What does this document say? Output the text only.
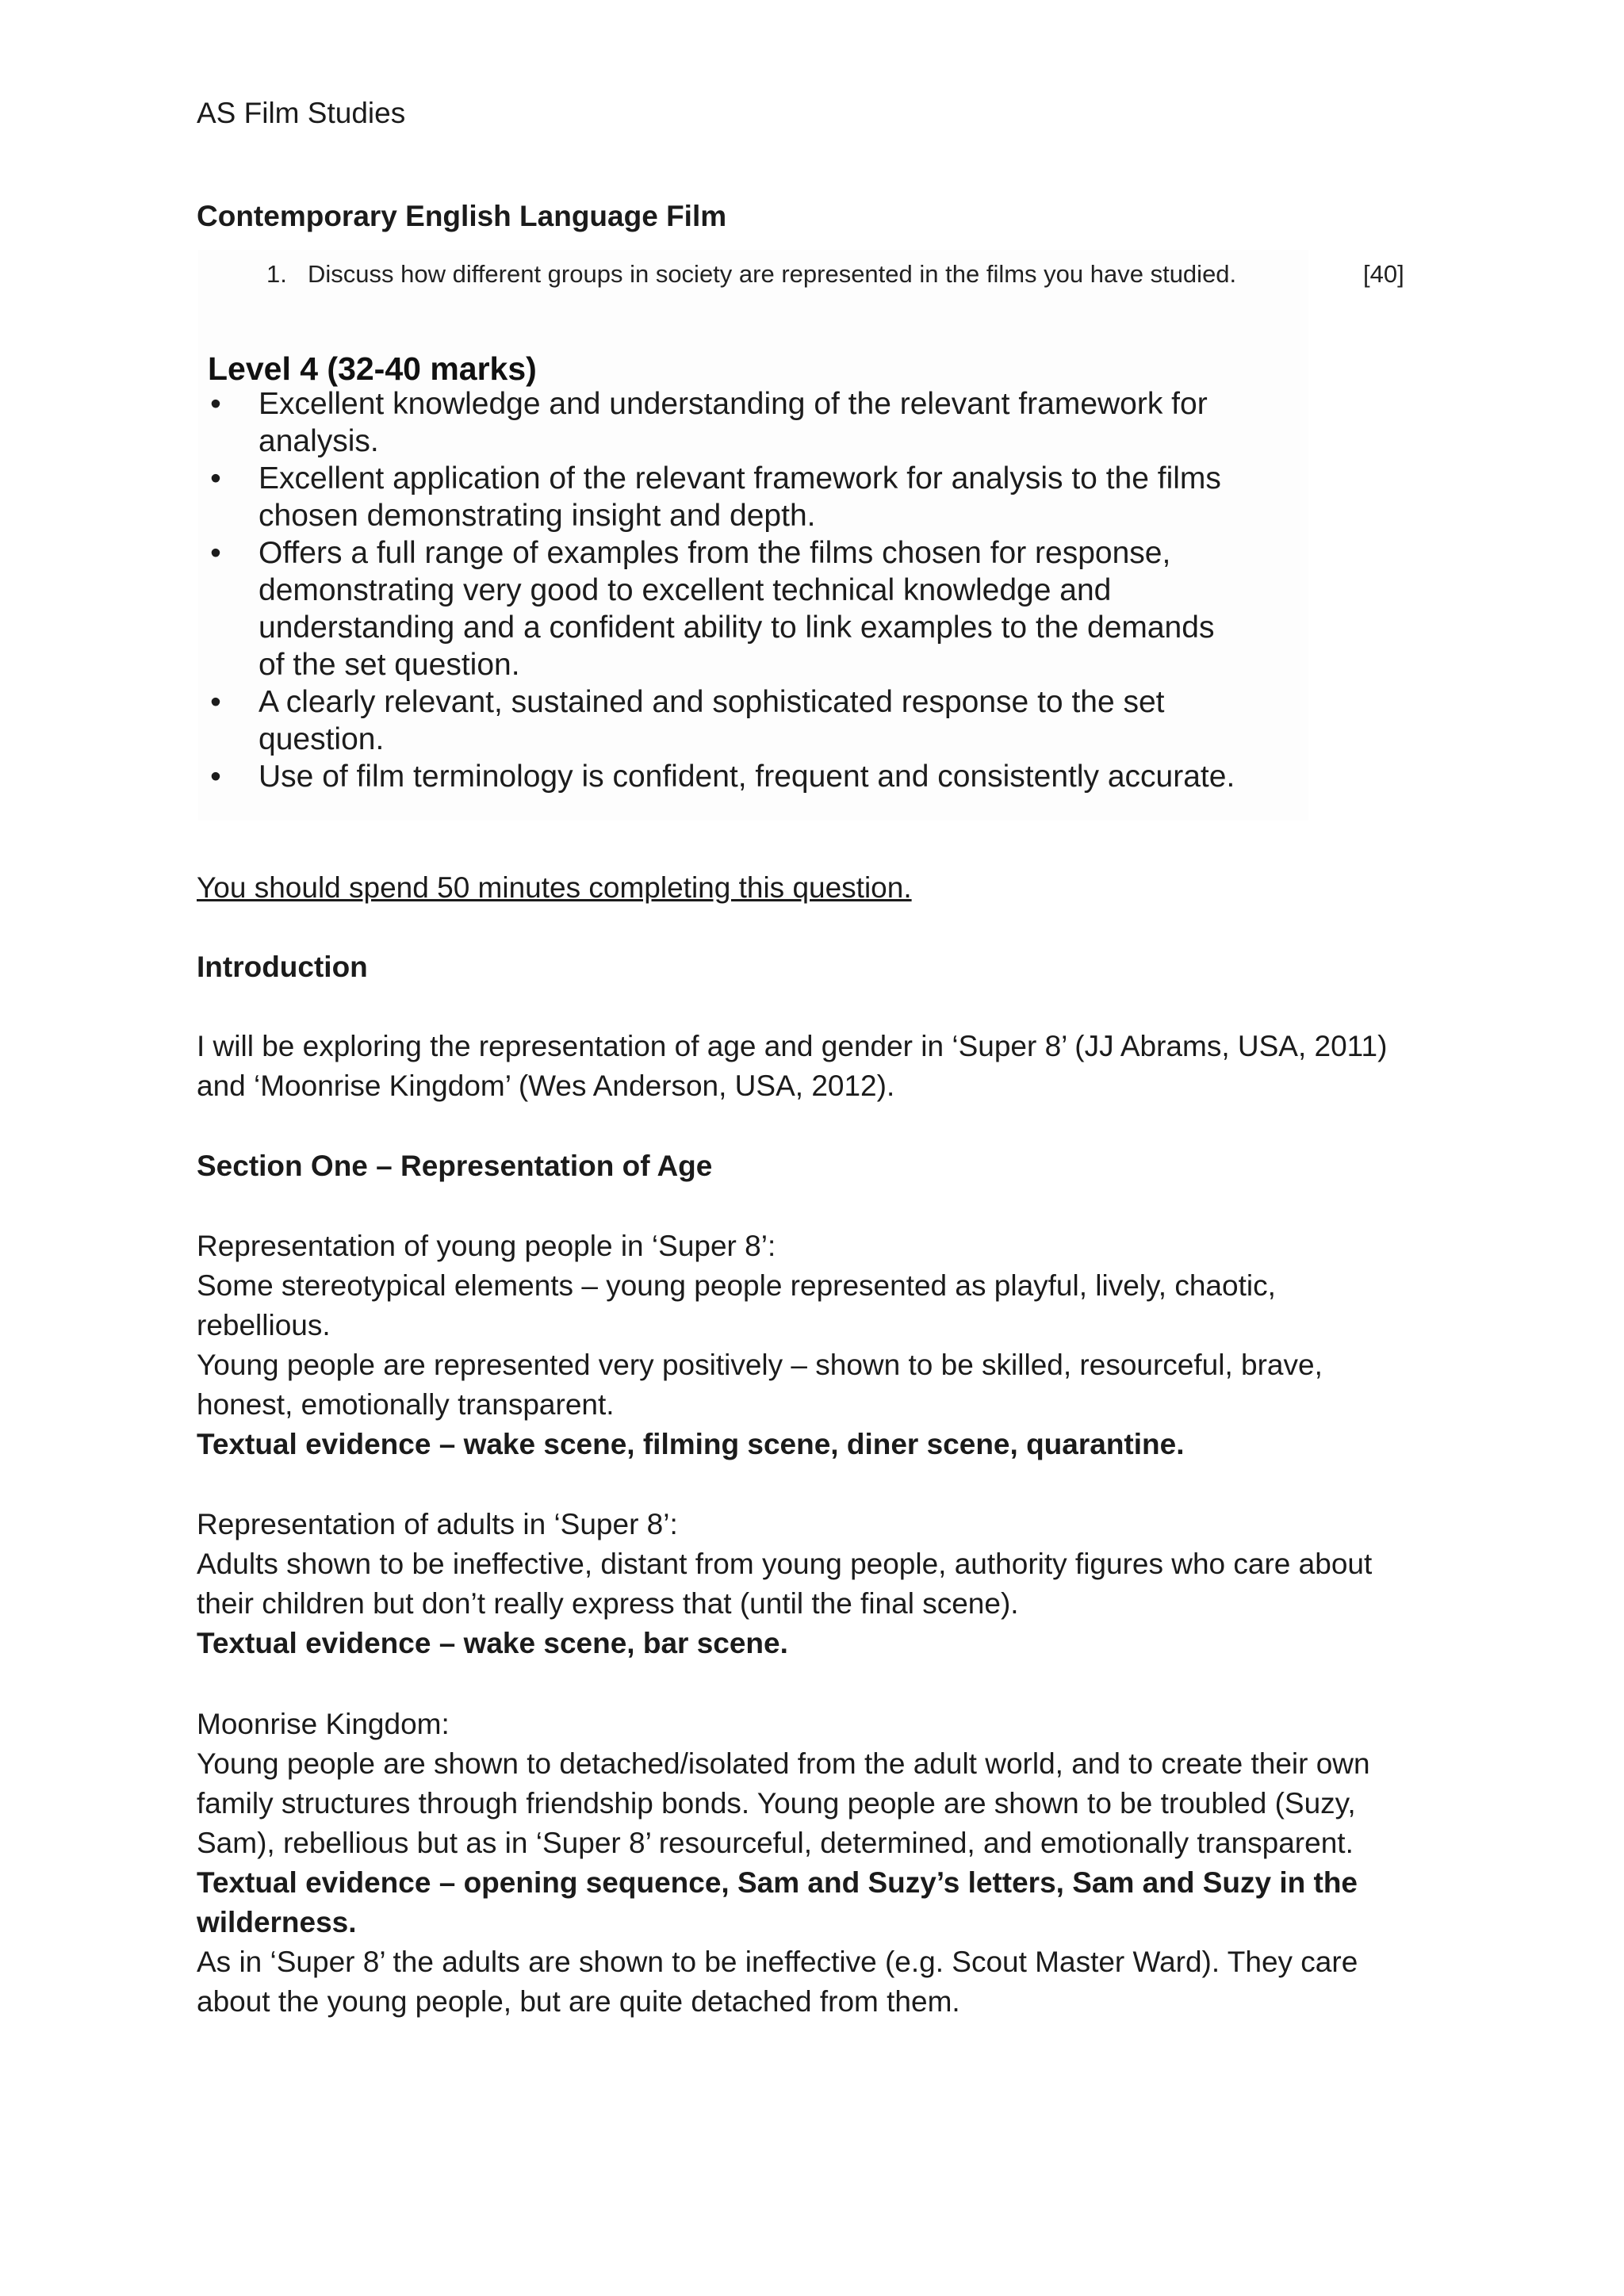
AS Film Studies
Contemporary English Language Film
1. Discuss how different groups in society are represented in the films you have studied.	[40]
Level 4 (32-40 marks)
• Excellent knowledge and understanding of the relevant framework for
analysis.
• Excellent application of the relevant framework for analysis to the films
chosen demonstrating insight and depth.
• Offers a full range of examples from the films chosen for response,
demonstrating very good to excellent technical knowledge and
understanding and a confident ability to link examples to the demands
of the set question.
• A clearly relevant, sustained and sophisticated response to the set
question.
• Use of film terminology is confident, frequent and consistently accurate.
You should spend 50 minutes completing this question.
Introduction
I will be exploring the representation of age and gender in ‘Super 8’ (JJ Abrams, USA, 2011)
and ‘Moonrise Kingdom’ (Wes Anderson, USA, 2012).
Section One – Representation of Age
Representation of young people in ‘Super 8’:
Some stereotypical elements – young people represented as playful, lively, chaotic,
rebellious.
Young people are represented very positively – shown to be skilled, resourceful, brave,
honest, emotionally transparent.
Textual evidence – wake scene, filming scene, diner scene, quarantine.
Representation of adults in ‘Super 8’:
Adults shown to be ineffective, distant from young people, authority figures who care about
their children but don’t really express that (until the final scene).
Textual evidence – wake scene, bar scene.
Moonrise Kingdom:
Young people are shown to detached/isolated from the adult world, and to create their own
family structures through friendship bonds. Young people are shown to be troubled (Suzy,
Sam), rebellious but as in ‘Super 8’ resourceful, determined, and emotionally transparent.
Textual evidence – opening sequence, Sam and Suzy’s letters, Sam and Suzy in the
wilderness.
As in ‘Super 8’ the adults are shown to be ineffective (e.g. Scout Master Ward). They care
about the young people, but are quite detached from them.
